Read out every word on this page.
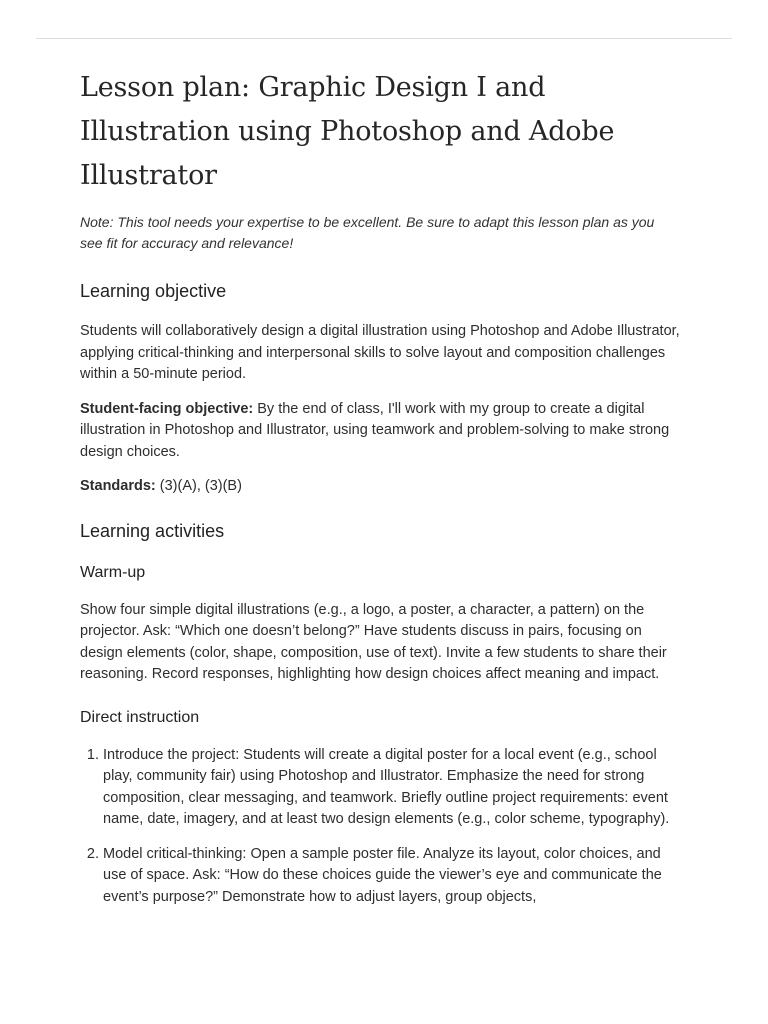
Lesson plan: Graphic Design I and Illustration using Photoshop and Adobe Illustrator

Note: This tool needs your expertise to be excellent. Be sure to adapt this lesson plan as you see fit for accuracy and relevance!

Learning objective

Students will collaboratively design a digital illustration using Photoshop and Adobe Illustrator, applying critical-thinking and interpersonal skills to solve layout and composition challenges within a 50-minute period.

Student-facing objective: By the end of class, I'll work with my group to create a digital illustration in Photoshop and Illustrator, using teamwork and problem-solving to make strong design choices.

Standards: (3)(A), (3)(B)

Learning activities
Warm-up

Show four simple digital illustrations (e.g., a logo, a poster, a character, a pattern) on the projector. Ask: “Which one doesn’t belong?” Have students discuss in pairs, focusing on design elements (color, shape, composition, use of text). Invite a few students to share their reasoning. Record responses, highlighting how design choices affect meaning and impact.

Direct instruction
1. Introduce the project: Students will create a digital poster for a local event (e.g., school play, community fair) using Photoshop and Illustrator. Emphasize the need for strong composition, clear messaging, and teamwork. Briefly outline project requirements: event name, date, imagery, and at least two design elements (e.g., color scheme, typography).
2. Model critical-thinking: Open a sample poster file. Analyze its layout, color choices, and use of space. Ask: “How do these choices guide the viewer’s eye and communicate the event’s purpose?” Demonstrate how to adjust layers, group objects,
